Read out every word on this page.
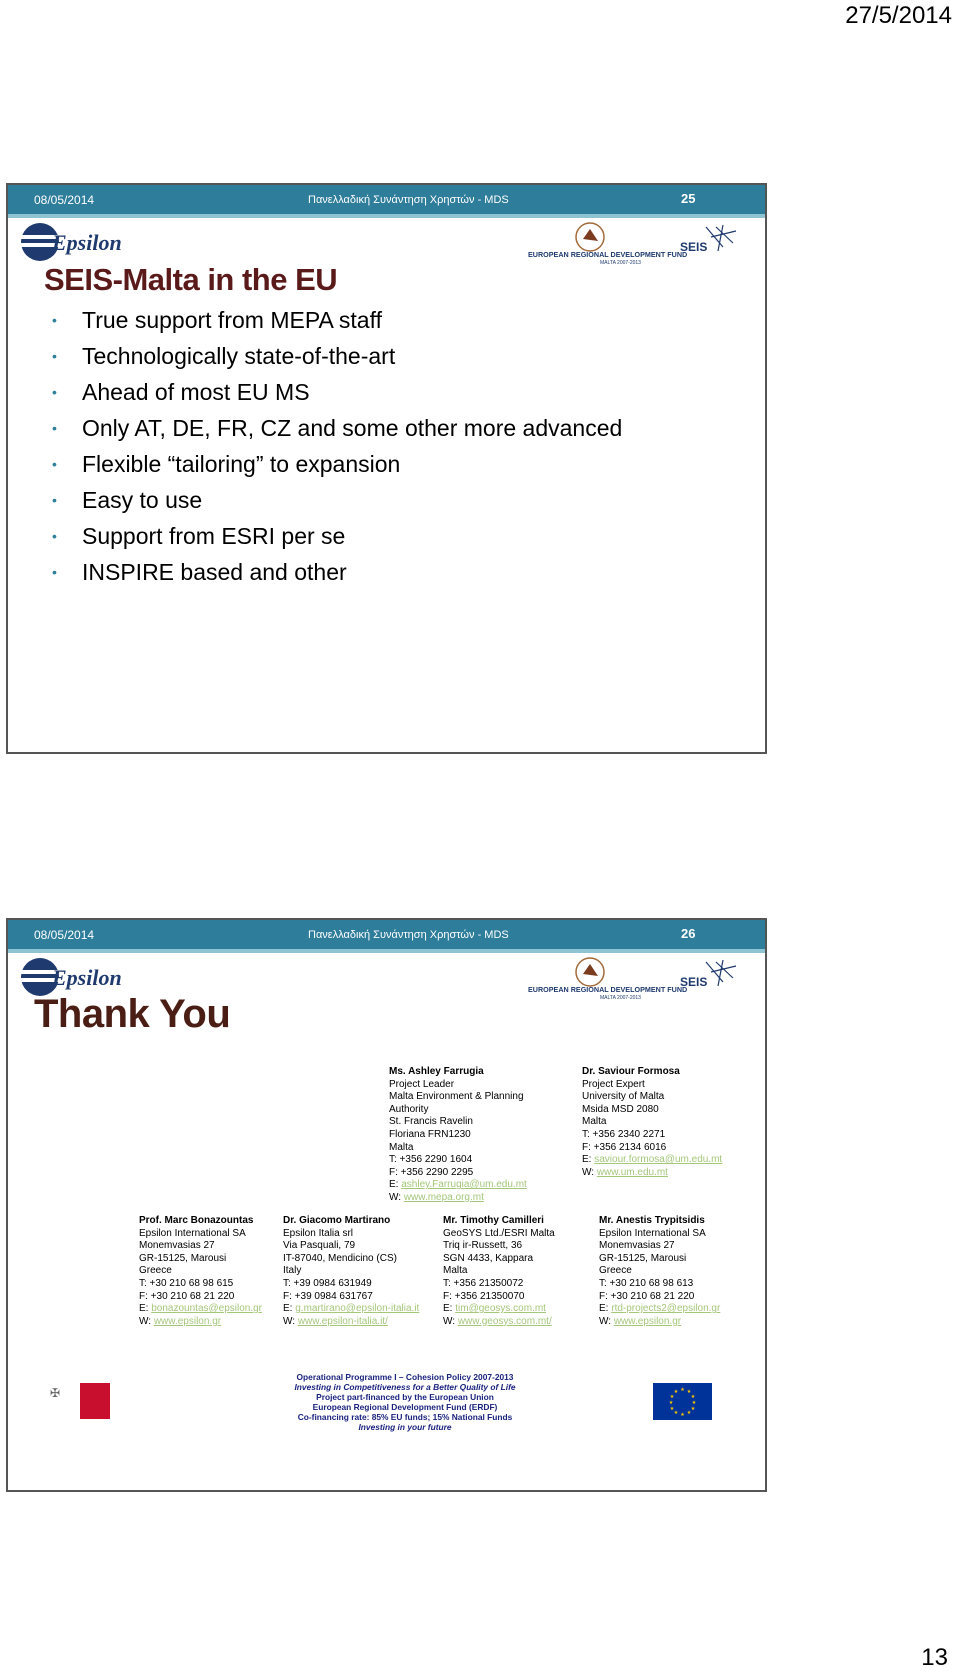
27/5/2014
08/05/2014	Πανελλαδική Συνάντηση Χρηστών - MDS	25
Epsilon	EUROPEAN REGIONAL DEVELOPMENT FUND
MALTA 2007-2013
SEIS
SEIS-Malta in the EU
• True support from MEPA staff
• Technologically state-of-the-art
• Ahead of most EU MS
• Only AT, DE, FR, CZ and some other more advanced
• Flexible “tailoring” to expansion
• Easy to use
• Support from ESRI per se
• INSPIRE based and other
08/05/2014	Πανελλαδική Συνάντηση Χρηστών - MDS	26
Epsilon	EUROPEAN REGIONAL DEVELOPMENT FUND
MALTA 2007-2013
SEIS
Thank You
Ms. Ashley Farrugia
Project Leader
Malta Environment & Planning
Authority
St. Francis Ravelin
Floriana FRN1230
Malta
T: +356 2290 1604
F: +356 2290 2295
E: ashley.Farrugia@um.edu.mt
W: www.mepa.org.mt
Dr. Saviour Formosa
Project Expert
University of Malta
Msida MSD 2080
Malta
T: +356 2340 2271
F: +356 2134 6016
E: saviour.formosa@um.edu.mt
W: www.um.edu.mt
Prof. Marc Bonazountas
Epsilon International SA
Monemvasias 27
GR-15125, Marousi
Greece
T: +30 210 68 98 615
F: +30 210 68 21 220
E: bonazountas@epsilon.gr
W: www.epsilon.gr
Dr. Giacomo Martirano
Epsilon Italia srl
Via Pasquali, 79
IT-87040, Mendicino (CS)
Italy
T: +39 0984 631949
F: +39 0984 631767
E: g.martirano@epsilon-italia.it
W: www.epsilon-italia.it/
Mr. Timothy Camilleri
GeoSYS Ltd./ESRI Malta
Triq ir-Russett, 36
SGN 4433, Kappara
Malta
T: +356 21350072
F: +356 21350070
E: tim@geosys.com.mt
W: www.geosys.com.mt/
Mr. Anestis Trypitsidis
Epsilon International SA
Monemvasias 27
GR-15125, Marousi
Greece
T: +30 210 68 98 613
F: +30 210 68 21 220
E: rtd-projects2@epsilon.gr
W: www.epsilon.gr
✠
Operational Programme I – Cohesion Policy 2007-2013
Investing in Competitiveness for a Better Quality of Life
Project part-financed by the European Union
European Regional Development Fund (ERDF)
Co-financing rate: 85% EU funds; 15% National Funds
Investing in your future
★ ★
★
★
★
★
★
★
★
★
★
★
13
